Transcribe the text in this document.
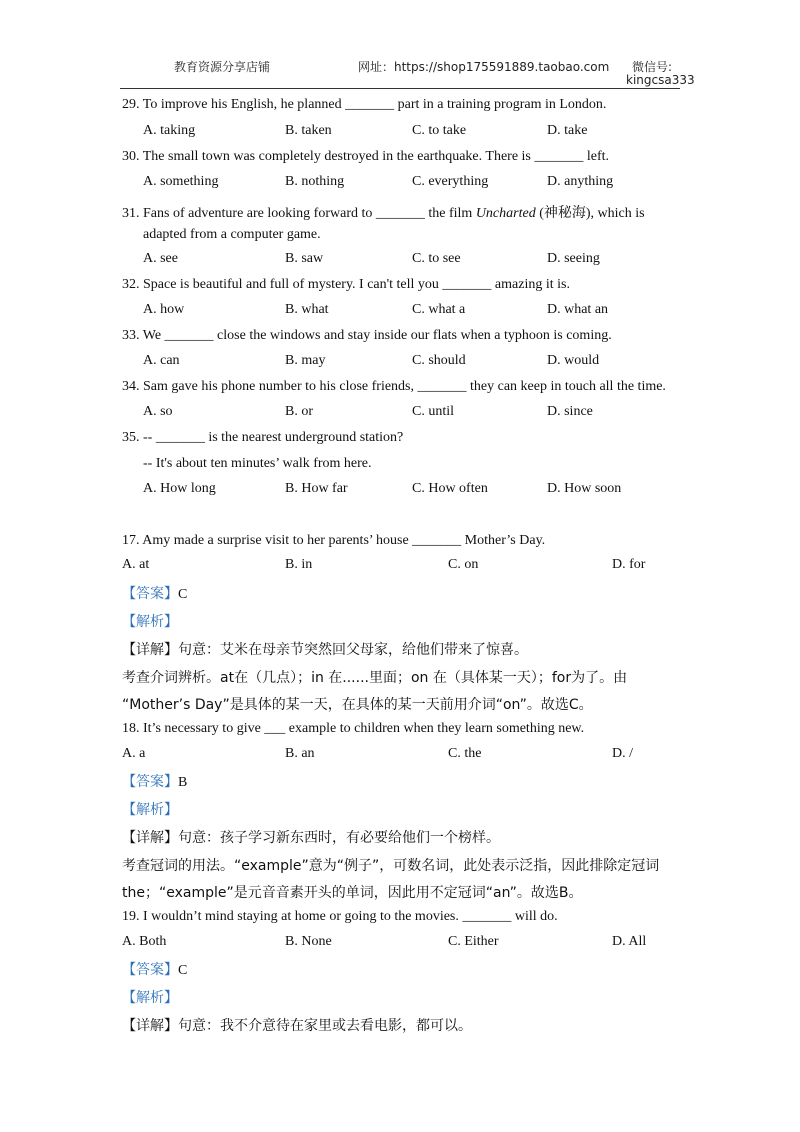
教育资源分享店铺	网址：https://shop175591889.taobao.com 微信号:
kingcsa333
29. To improve his English, he planned _______ part in a training program in London.
A. taking	B. taken	C. to take	D. take
30. The small town was completely destroyed in the earthquake. There is _______ left.
A. something	B. nothing	C. everything	D. anything
31. Fans of adventure are looking forward to _______ the film Uncharted (神秘海), which is
adapted from a computer game.
A. see	B. saw	C. to see	D. seeing
32. Space is beautiful and full of mystery. I can't tell you _______ amazing it is.
A. how	B. what	C. what a	D. what an
33. We _______ close the windows and stay inside our flats when a typhoon is coming.
A. can	B. may	C. should	D. would
34. Sam gave his phone number to his close friends, _______ they can keep in touch all the time.
A. so	B. or	C. until	D. since
35. -- _______ is the nearest underground station?
-- It's about ten minutes’ walk from here.
A. How long	B. How far	C. How often	D. How soon
17. Amy made a surprise visit to her parents’ house _______ Mother’s Day.
A. at	B. in	C. on	D. for
【答案】C
【解析】
【详解】句意：艾米在母亲节突然回父母家，给他们带来了惊喜。
考查介词辨析。at在（几点）；in 在......里面；on 在（具体某一天）；for为了。由
“Mother’s Day”是具体的某一天，在具体的某一天前用介词“on”。故选C。
18. It’s necessary to give ___ example to children when they learn something new.
A. a	B. an	C. the	D. /
【答案】B
【解析】
【详解】句意：孩子学习新东西时，有必要给他们一个榜样。
考查冠词的用法。“example”意为“例子”，可数名词，此处表示泛指，因此排除定冠词
the；“example”是元音音素开头的单词，因此用不定冠词“an”。故选B。
19. I wouldn’t mind staying at home or going to the movies. _______ will do.
A. Both	B. None	C. Either	D. All
【答案】C
【解析】
【详解】句意：我不介意待在家里或去看电影，都可以。
